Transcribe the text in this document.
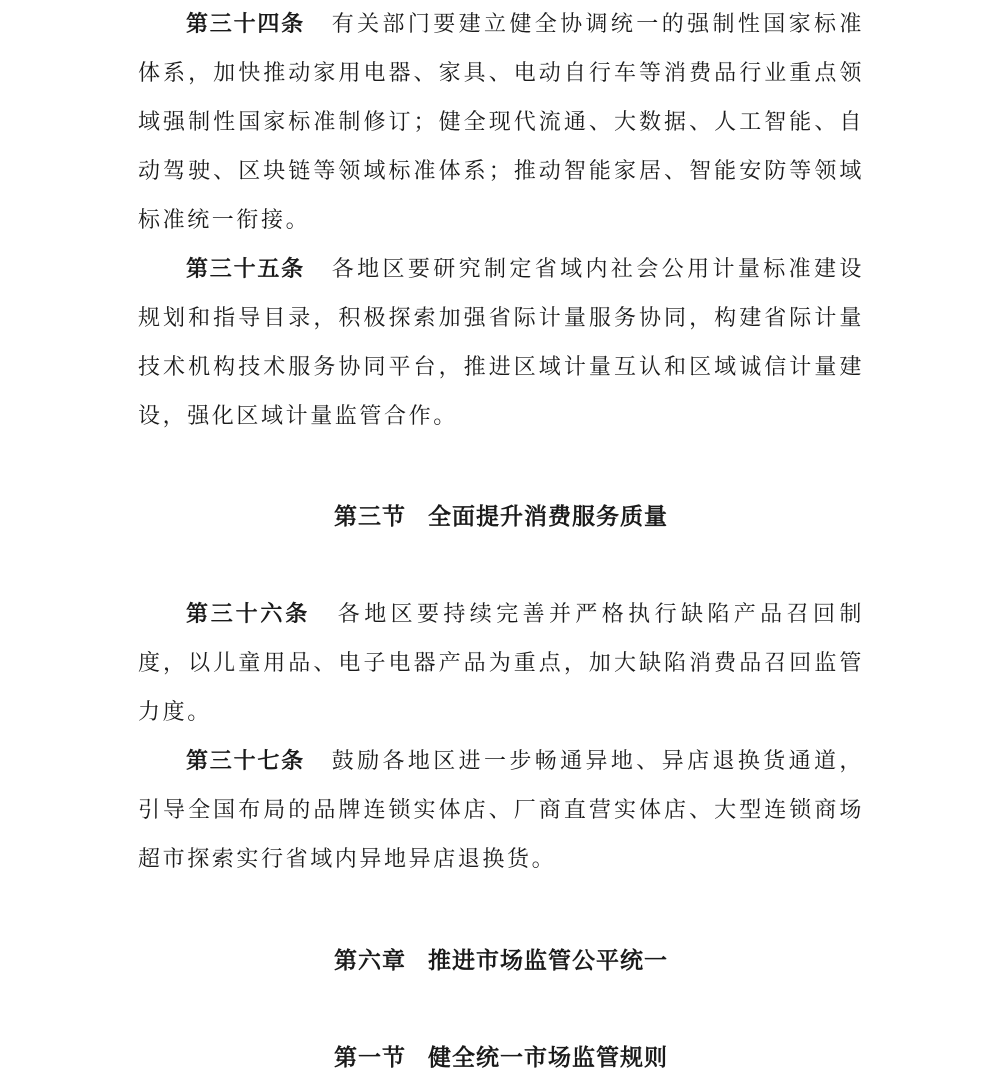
第三十四条 有关部门要建立健全协调统一的强制性国家标准体系，加快推动家用电器、家具、电动自行车等消费品行业重点领域强制性国家标准制修订；健全现代流通、大数据、人工智能、自动驾驶、区块链等领域标准体系；推动智能家居、智能安防等领域标准统一衔接。

第三十五条 各地区要研究制定省域内社会公用计量标准建设规划和指导目录，积极探索加强省际计量服务协同，构建省际计量技术机构技术服务协同平台，推进区域计量互认和区域诚信计量建设，强化区域计量监管合作。

第三节 全面提升消费服务质量

第三十六条 各地区要持续完善并严格执行缺陷产品召回制度，以儿童用品、电子电器产品为重点，加大缺陷消费品召回监管力度。

第三十七条 鼓励各地区进一步畅通异地、异店退换货通道，引导全国布局的品牌连锁实体店、厂商直营实体店、大型连锁商场超市探索实行省域内异地异店退换货。

第六章 推进市场监管公平统一
第一节 健全统一市场监管规则
